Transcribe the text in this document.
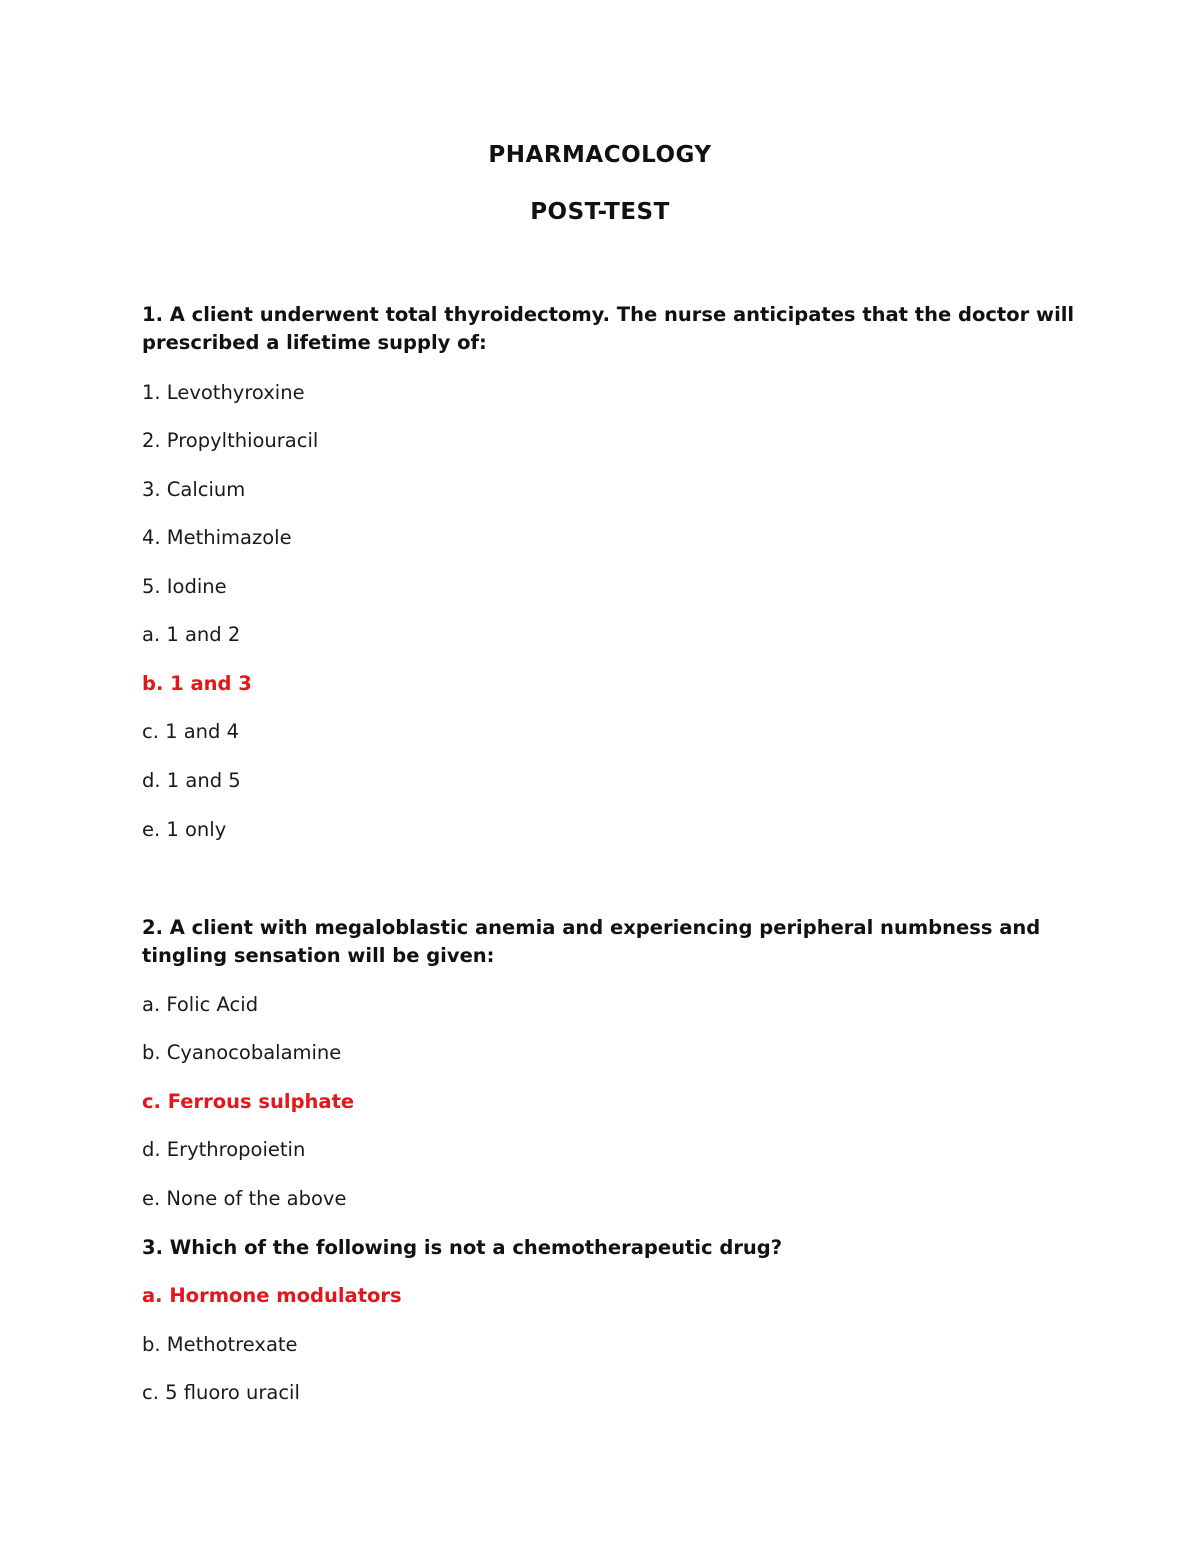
PHARMACOLOGY
POST-TEST
1. A client underwent total thyroidectomy. The nurse anticipates that the doctor will
prescribed a lifetime supply of:
1. Levothyroxine
2. Propylthiouracil
3. Calcium
4. Methimazole
5. Iodine
a. 1 and 2
b. 1 and 3
c. 1 and 4
d. 1 and 5
e. 1 only
2. A client with megaloblastic anemia and experiencing peripheral numbness and
tingling sensation will be given:
a. Folic Acid
b. Cyanocobalamine
c. Ferrous sulphate
d. Erythropoietin
e. None of the above
3. Which of the following is not a chemotherapeutic drug?
a. Hormone modulators
b. Methotrexate
c. 5 fluoro uracil
